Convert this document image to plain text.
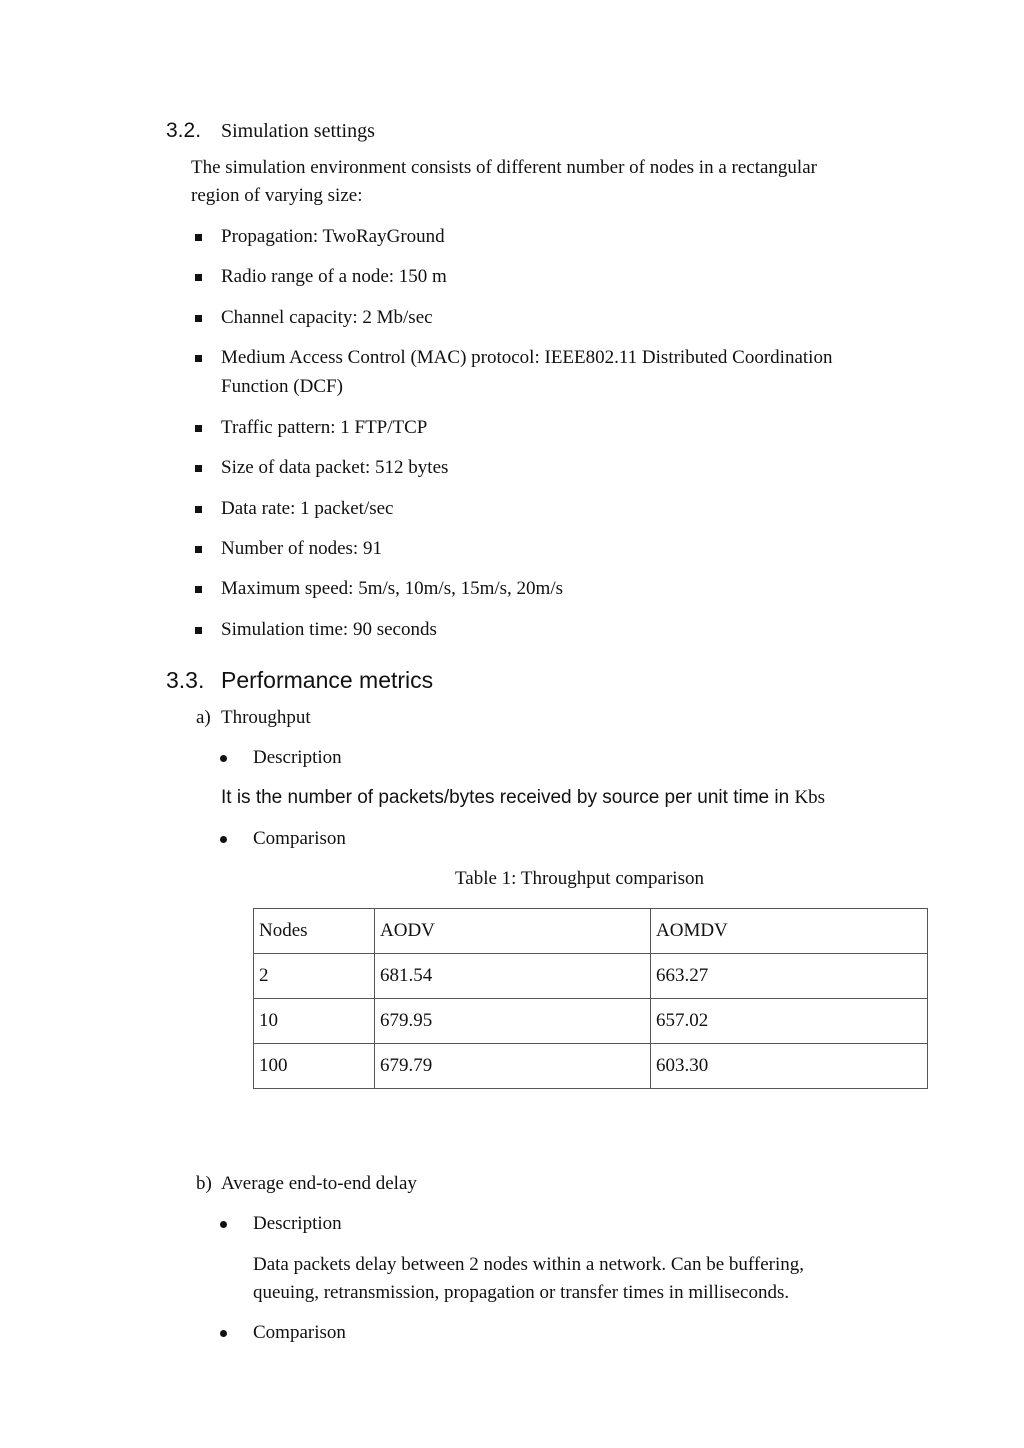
3.2. Simulation settings
The simulation environment consists of different number of nodes in a rectangular
region of varying size:
Propagation: TwoRayGround
Radio range of a node: 150 m
Channel capacity: 2 Mb/sec
Medium Access Control (MAC) protocol: IEEE802.11 Distributed Coordination
Function (DCF)
Traffic pattern: 1 FTP/TCP
Size of data packet: 512 bytes
Data rate: 1 packet/sec
Number of nodes: 91
Maximum speed: 5m/s, 10m/s, 15m/s, 20m/s
Simulation time: 90 seconds
3.3. Performance metrics
a) Throughput
Description
It is the number of packets/bytes received by source per unit time in Kbs
Comparison
Table 1: Throughput comparison
Nodes	AODV	AOMDV
2	681.54	663.27
10	679.95	657.02
100	679.79	603.30
b) Average end-to-end delay
Description
Data packets delay between 2 nodes within a network. Can be buffering,
queuing, retransmission, propagation or transfer times in milliseconds.
Comparison
